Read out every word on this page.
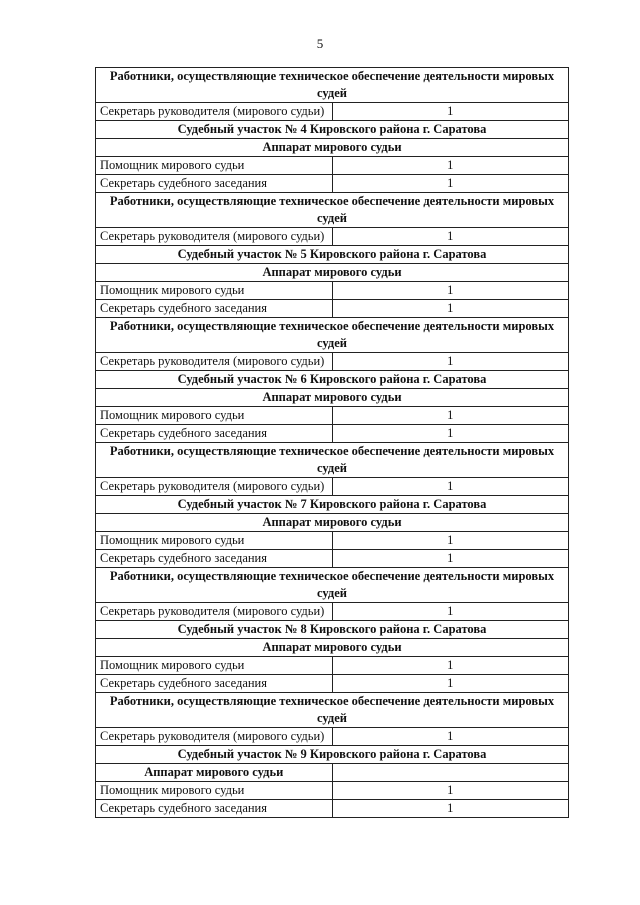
5
Работники, осуществляющие техническое обеспечение деятельности мировых судей	
Секретарь руководителя (мирового судьи)	1
Судебный участок № 4 Кировского района г. Саратова	
Аппарат мирового судьи	
Помощник мирового судьи	1
Секретарь судебного заседания	1
Работники, осуществляющие техническое обеспечение деятельности мировых судей	
Секретарь руководителя (мирового судьи)	1
Судебный участок № 5 Кировского района г. Саратова	
Аппарат мирового судьи	
Помощник мирового судьи	1
Секретарь судебного заседания	1
Работники, осуществляющие техническое обеспечение деятельности мировых судей	
Секретарь руководителя (мирового судьи)	1
Судебный участок № 6 Кировского района г. Саратова	
Аппарат мирового судьи	
Помощник мирового судьи	1
Секретарь судебного заседания	1
Работники, осуществляющие техническое обеспечение деятельности мировых судей	
Секретарь руководителя (мирового судьи)	1
Судебный участок № 7 Кировского района г. Саратова	
Аппарат мирового судьи	
Помощник мирового судьи	1
Секретарь судебного заседания	1
Работники, осуществляющие техническое обеспечение деятельности мировых судей	
Секретарь руководителя (мирового судьи)	1
Судебный участок № 8 Кировского района г. Саратова	
Аппарат мирового судьи	
Помощник мирового судьи	1
Секретарь судебного заседания	1
Работники, осуществляющие техническое обеспечение деятельности мировых судей	
Секретарь руководителя (мирового судьи)	1
Судебный участок № 9 Кировского района г. Саратова	
Аппарат мирового судьи	
Помощник мирового судьи	1
Секретарь судебного заседания	1
